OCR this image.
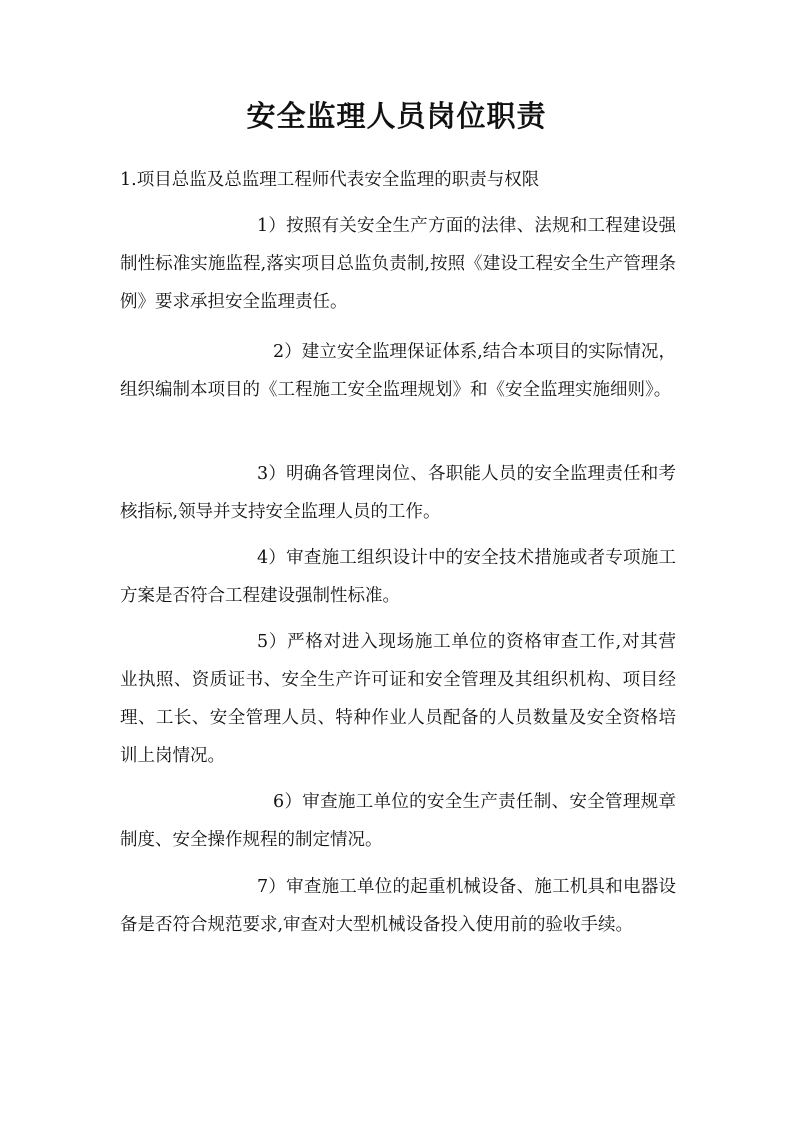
安全监理人员岗位职责

1.项目总监及总监理工程师代表安全监理的职责与权限

1）按照有关安全生产方面的法律、法规和工程建设强制性标准实施监程,落实项目总监负责制,按照《建设工程安全生产管理条例》要求承担安全监理责任。

2）建立安全监理保证体系,结合本项目的实际情况，组织编制本项目的《工程施工安全监理规划》和《安全监理实施细则》。

3）明确各管理岗位、各职能人员的安全监理责任和考核指标,领导并支持安全监理人员的工作。

4）审查施工组织设计中的安全技术措施或者专项施工方案是否符合工程建设强制性标准。

5）严格对进入现场施工单位的资格审查工作,对其营业执照、资质证书、安全生产许可证和安全管理及其组织机构、项目经理、工长、安全管理人员、特种作业人员配备的人员数量及安全资格培训上岗情况。

6）审查施工单位的安全生产责任制、安全管理规章制度、安全操作规程的制定情况。

7）审查施工单位的起重机械设备、施工机具和电器设备是否符合规范要求,审查对大型机械设备投入使用前的验收手续。
